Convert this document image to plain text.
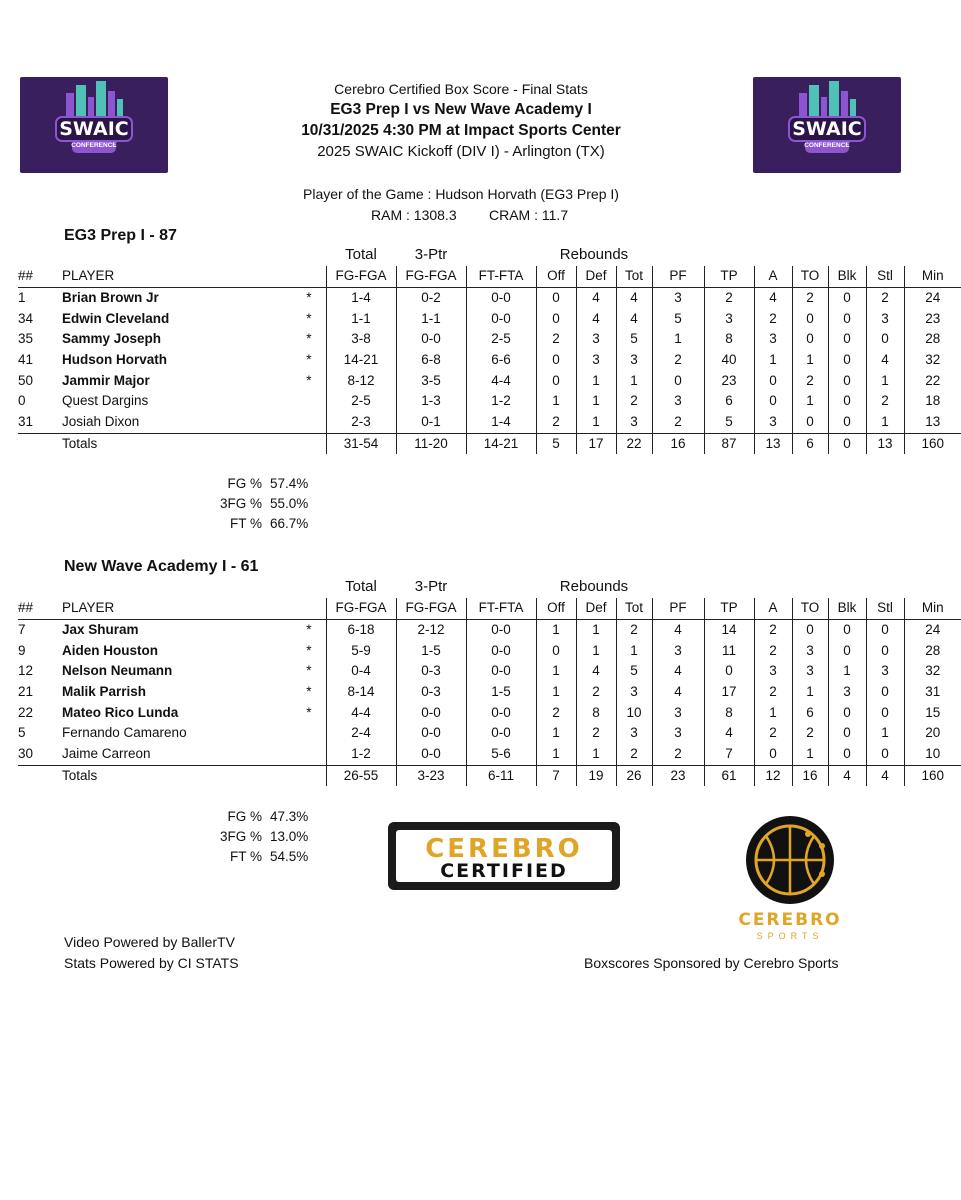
SWAIC
CONFERENCE
SWAIC
CONFERENCE
Cerebro Certified Box Score - Final Stats
EG3 Prep I vs New Wave Academy I
10/31/2025 4:30 PM at Impact Sports Center
2025 SWAIC Kickoff (DIV I) - Arlington (TX)
Player of the Game : Hudson Horvath (EG3 Prep I)
RAM : 1308.3 CRAM : 11.7
EG3 Prep I - 87
			Total	3-Ptr		Rebounds									
##	PLAYER		FG-FGA	FG-FGA	FT-FTA	Off	Def	Tot	PF	TP	A	TO	Blk	Stl	Min
1	Brian Brown Jr	*	1-4	0-2	0-0	0	4	4	3	2	4	2	0	2	24
34	Edwin Cleveland	*	1-1	1-1	0-0	0	4	4	5	3	2	0	0	3	23
35	Sammy Joseph	*	3-8	0-0	2-5	2	3	5	1	8	3	0	0	0	28
41	Hudson Horvath	*	14-21	6-8	6-6	0	3	3	2	40	1	1	0	4	32
50	Jammir Major	*	8-12	3-5	4-4	0	1	1	0	23	0	2	0	1	22
0	Quest Dargins		2-5	1-3	1-2	1	1	2	3	6	0	1	0	2	18
31	Josiah Dixon		2-3	0-1	1-4	2	1	3	2	5	3	0	0	1	13
	Totals		31-54	11-20	14-21	5	17	22	16	87	13	6	0	13	160
FG % 57.4%
3FG % 55.0%
FT % 66.7%
New Wave Academy I - 61
			Total	3-Ptr		Rebounds									
##	PLAYER		FG-FGA	FG-FGA	FT-FTA	Off	Def	Tot	PF	TP	A	TO	Blk	Stl	Min
7	Jax Shuram	*	6-18	2-12	0-0	1	1	2	4	14	2	0	0	0	24
9	Aiden Houston	*	5-9	1-5	0-0	0	1	1	3	11	2	3	0	0	28
12	Nelson Neumann	*	0-4	0-3	0-0	1	4	5	4	0	3	3	1	3	32
21	Malik Parrish	*	8-14	0-3	1-5	1	2	3	4	17	2	1	3	0	31
22	Mateo Rico Lunda	*	4-4	0-0	0-0	2	8	10	3	8	1	6	0	0	15
5	Fernando Camareno		2-4	0-0	0-0	1	2	3	3	4	2	2	0	1	20
30	Jaime Carreon		1-2	0-0	5-6	1	1	2	2	7	0	1	0	0	10
	Totals		26-55	3-23	6-11	7	19	26	23	61	12	16	4	4	160
FG % 47.3%
3FG % 13.0%
FT % 54.5%	CEREBRO
CERTIFIED
CEREBRO
SPORTS
Video Powered by BallerTV
Stats Powered by CI STATS	Boxscores Sponsored by Cerebro Sports
